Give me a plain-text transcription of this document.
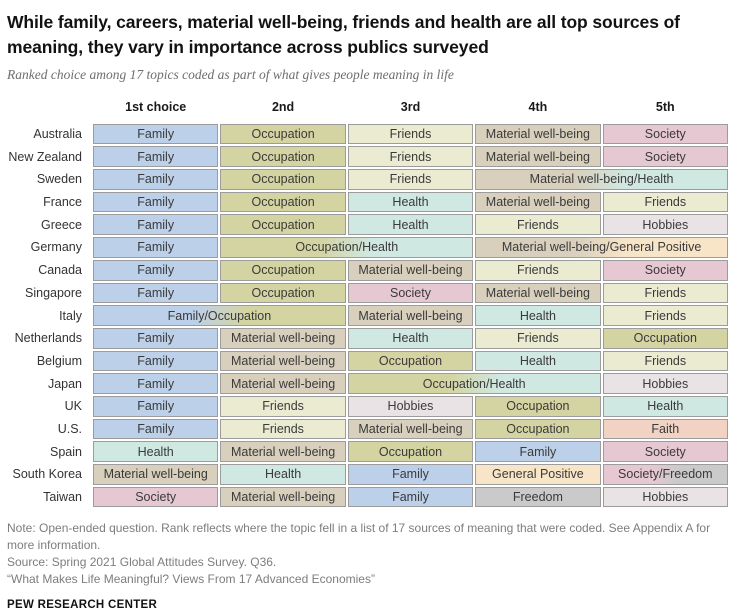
While family, careers, material well-being, friends and health are all top sources of meaning, they vary in importance across publics surveyed
Ranked choice among 17 topics coded as part of what gives people meaning in life
1st choice	2nd	3rd	4th	5th
Australia	Family	Occupation	Friends	Material well-being	Society
New Zealand	Family	Occupation	Friends	Material well-being	Society
Sweden	Family	Occupation	Friends	Material well-being/Health
France	Family	Occupation	Health	Material well-being	Friends
Greece	Family	Occupation	Health	Friends	Hobbies
Germany	Family	Occupation/Health	Material well-being/General Positive
Canada	Family	Occupation	Material well-being	Friends	Society
Singapore	Family	Occupation	Society	Material well-being	Friends
Italy	Family/Occupation	Material well-being	Health	Friends
Netherlands	Family	Material well-being	Health	Friends	Occupation
Belgium	Family	Material well-being	Occupation	Health	Friends
Japan	Family	Material well-being	Occupation/Health	Hobbies
UK	Family	Friends	Hobbies	Occupation	Health
U.S.	Family	Friends	Material well-being	Occupation	Faith
Spain	Health	Material well-being	Occupation	Family	Society
South Korea	Material well-being	Health	Family	General Positive	Society/Freedom
Taiwan	Society	Material well-being	Family	Freedom	Hobbies
Note: Open-ended question. Rank reflects where the topic fell in a list of 17 sources of meaning that were coded. See Appendix A for more information.
Source: Spring 2021 Global Attitudes Survey. Q36.
“What Makes Life Meaningful? Views From 17 Advanced Economies”
PEW RESEARCH CENTER
